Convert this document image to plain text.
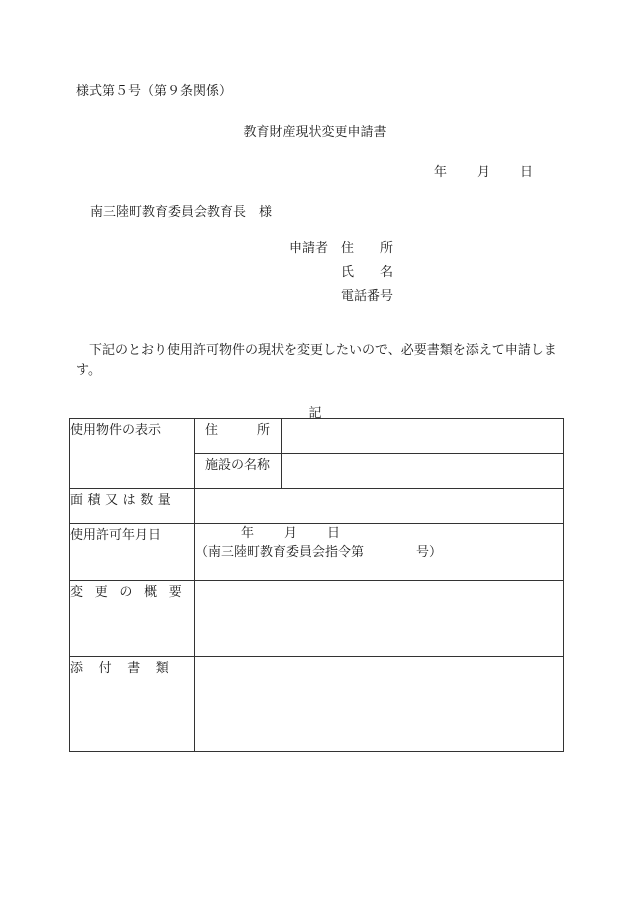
様式第５号（第９条関係）
教育財産現状変更申請書
年 月 日
南三陸町教育委員会教育長　様
申請者 住　　所
氏　　名
電話番号
下記のとおり使用許可物件の現状を変更したいので、必要書類を添えて申請します。
記
使用物件の表示	住　　　所	
	施設の名称	
面積又は数量		
使用許可年月日	年 月 日
（南三陸町教育委員会指令第　　　　号）	

変更の概要		
添付書類		
